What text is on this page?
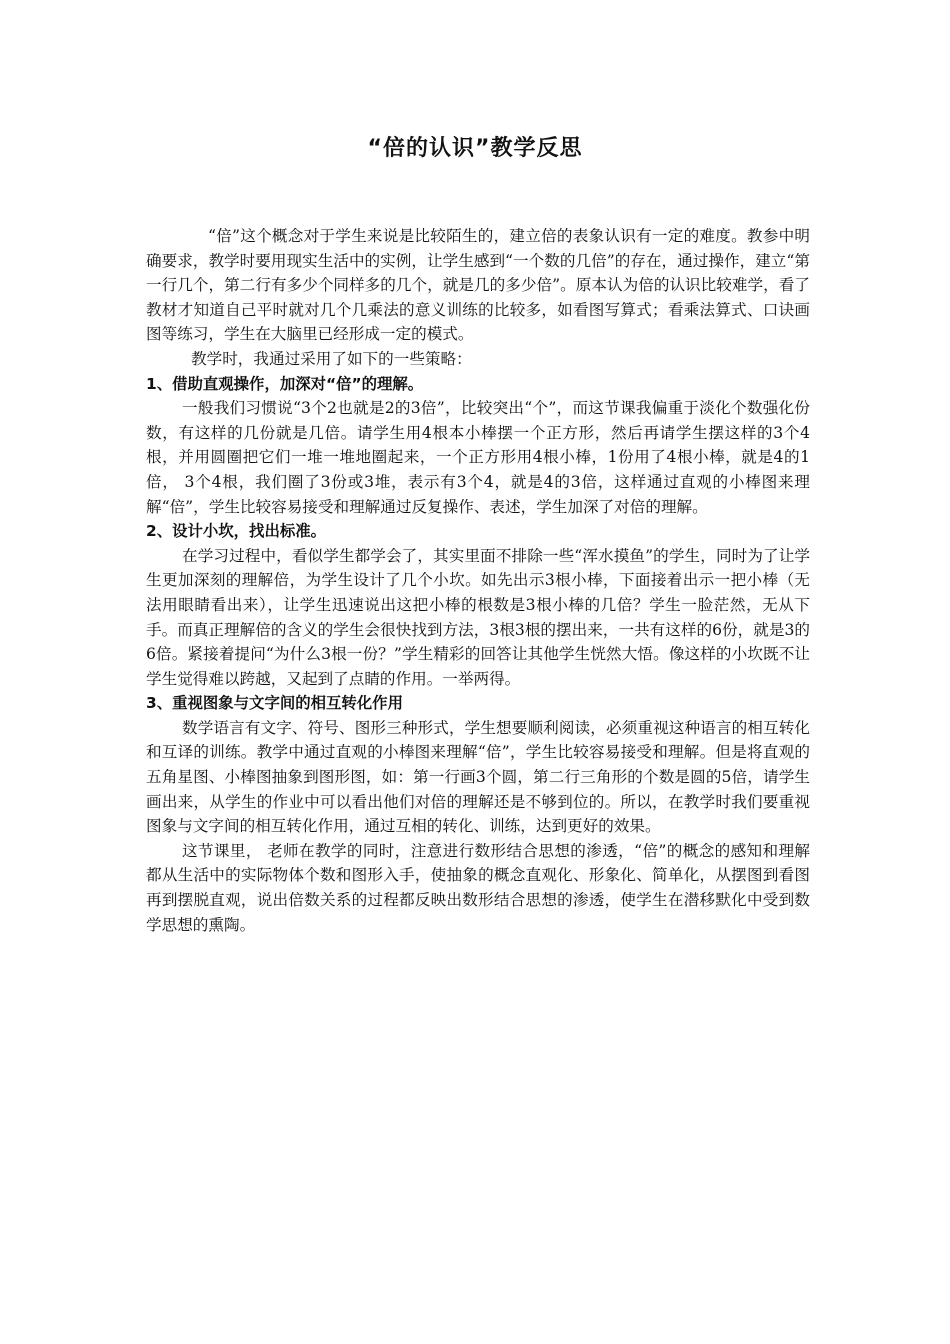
“倍的认识”教学反思

“倍”这个概念对于学生来说是比较陌生的，建立倍的表象认识有一定的难度。教参中明确要求，教学时要用现实生活中的实例，让学生感到“一个数的几倍”的存在，通过操作，建立“第一行几个，第二行有多少个同样多的几个，就是几的多少倍”。原本认为倍的认识比较难学，看了教材才知道自己平时就对几个几乘法的意义训练的比较多，如看图写算式；看乘法算式、口诀画图等练习，学生在大脑里已经形成一定的模式。

教学时，我通过采用了如下的一些策略：

1、借助直观操作，加深对“倍”的理解。

一般我们习惯说“3个2也就是2的3倍”，比较突出“个”，而这节课我偏重于淡化个数强化份数，有这样的几份就是几倍。请学生用4根本小棒摆一个正方形，然后再请学生摆这样的3个4根，并用圆圈把它们一堆一堆地圈起来，一个正方形用4根小棒，1份用了4根小棒，就是4的1倍， 3个4根，我们圈了3份或3堆，表示有3个4，就是4的3倍，这样通过直观的小棒图来理解“倍”，学生比较容易接受和理解通过反复操作、表述，学生加深了对倍的理解。

2、设计小坎，找出标准。

在学习过程中，看似学生都学会了，其实里面不排除一些“浑水摸鱼”的学生，同时为了让学生更加深刻的理解倍，为学生设计了几个小坎。如先出示3根小棒，下面接着出示一把小棒（无法用眼睛看出来），让学生迅速说出这把小棒的根数是3根小棒的几倍？学生一脸茫然，无从下手。而真正理解倍的含义的学生会很快找到方法，3根3根的摆出来，一共有这样的6份，就是3的6倍。紧接着提问“为什么3根一份？”学生精彩的回答让其他学生恍然大悟。像这样的小坎既不让学生觉得难以跨越，又起到了点睛的作用。一举两得。

3、重视图象与文字间的相互转化作用

数学语言有文字、符号、图形三种形式，学生想要顺利阅读，必须重视这种语言的相互转化和互译的训练。教学中通过直观的小棒图来理解“倍”，学生比较容易接受和理解。但是将直观的五角星图、小棒图抽象到图形图，如：第一行画3个圆，第二行三角形的个数是圆的5倍，请学生画出来，从学生的作业中可以看出他们对倍的理解还是不够到位的。所以，在教学时我们要重视图象与文字间的相互转化作用，通过互相的转化、训练，达到更好的效果。

这节课里， 老师在教学的同时，注意进行数形结合思想的渗透，“倍”的概念的感知和理解都从生活中的实际物体个数和图形入手，使抽象的概念直观化、形象化、简单化，从摆图到看图再到摆脱直观，说出倍数关系的过程都反映出数形结合思想的渗透，使学生在潜移默化中受到数学思想的熏陶。
